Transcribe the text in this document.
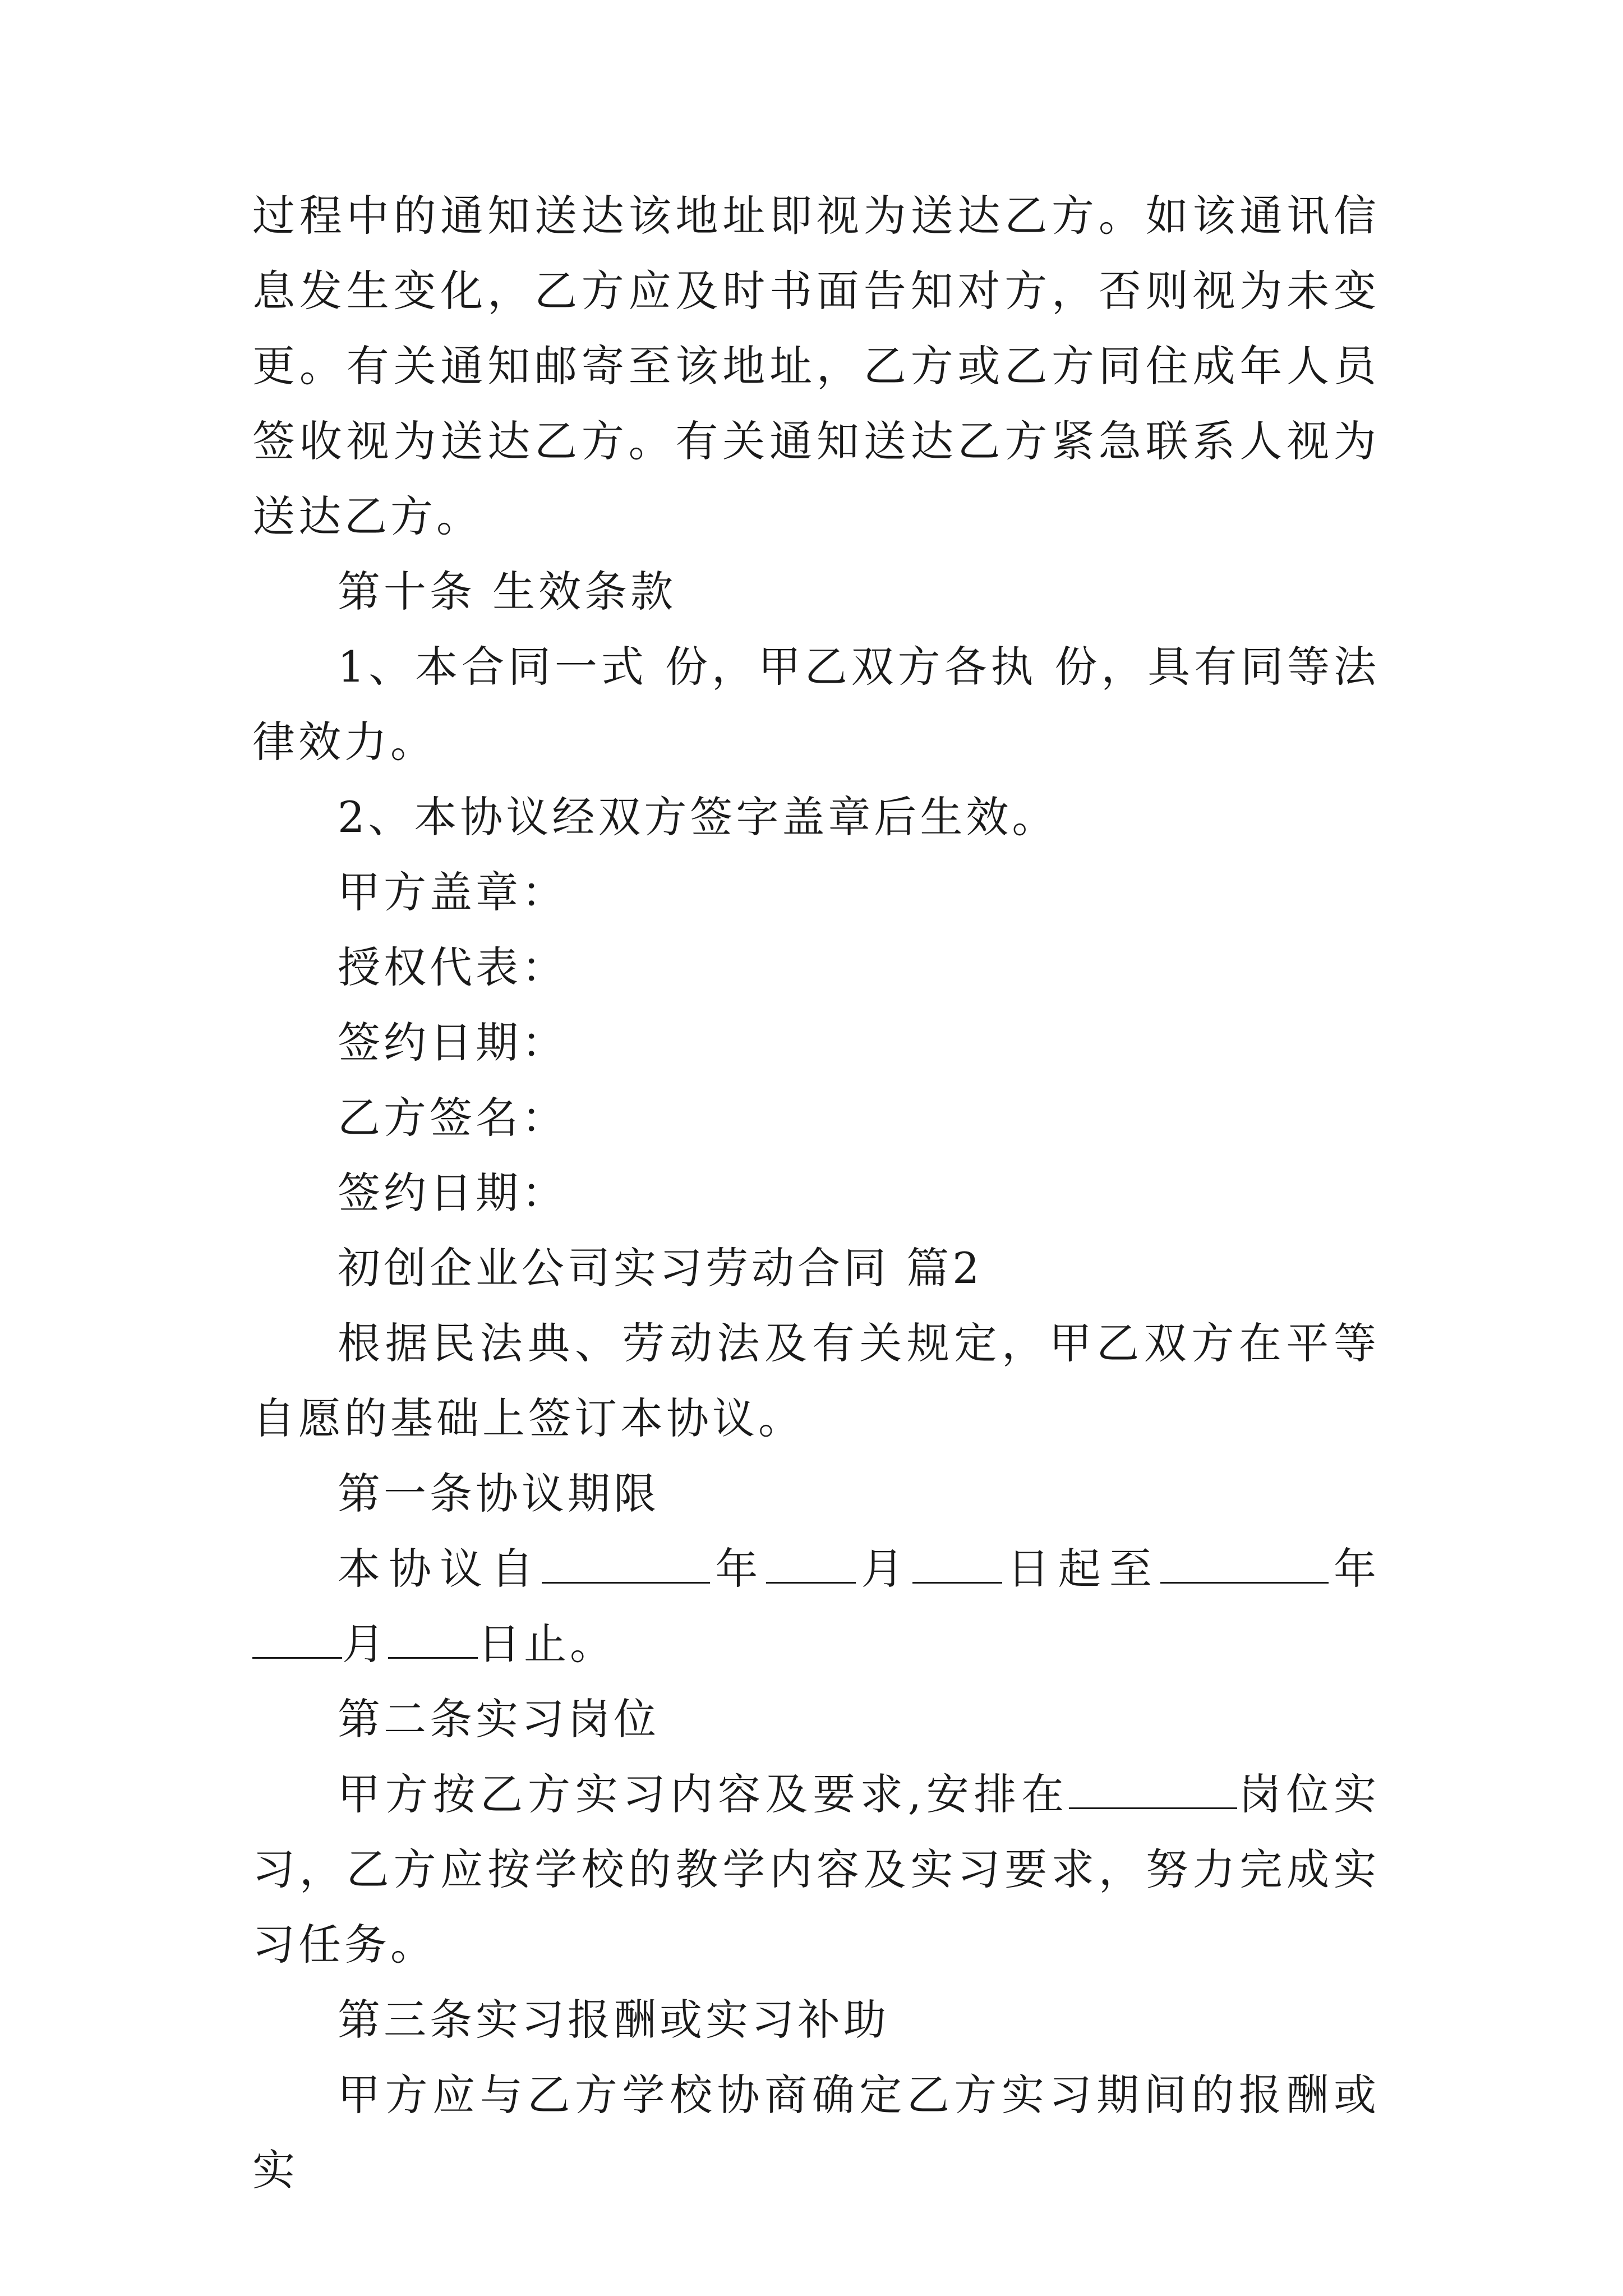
过程中的通知送达该地址即视为送达乙方。如该通讯信息发生变化，乙方应及时书面告知对方，否则视为未变更。有关通知邮寄至该地址，乙方或乙方同住成年人员签收视为送达乙方。有关通知送达乙方紧急联系人视为送达乙方。

第十条 生效条款

1、本合同一式 份，甲乙双方各执 份，具有同等法律效力。

2、本协议经双方签字盖章后生效。

甲方盖章：

授权代表：

签约日期：

乙方签名：

签约日期：

初创企业公司实习劳动合同 篇2

根据民法典、劳动法及有关规定，甲乙双方在平等自愿的基础上签订本协议。

第一条协议期限

本协议自	年 月 日起至	年月 日止。

第二条实习岗位

甲方按乙方实习内容及要求,安排在	岗位实习，乙方应按学校的教学内容及实习要求，努力完成实习任务。

第三条实习报酬或实习补助

甲方应与乙方学校协商确定乙方实习期间的报酬或实
